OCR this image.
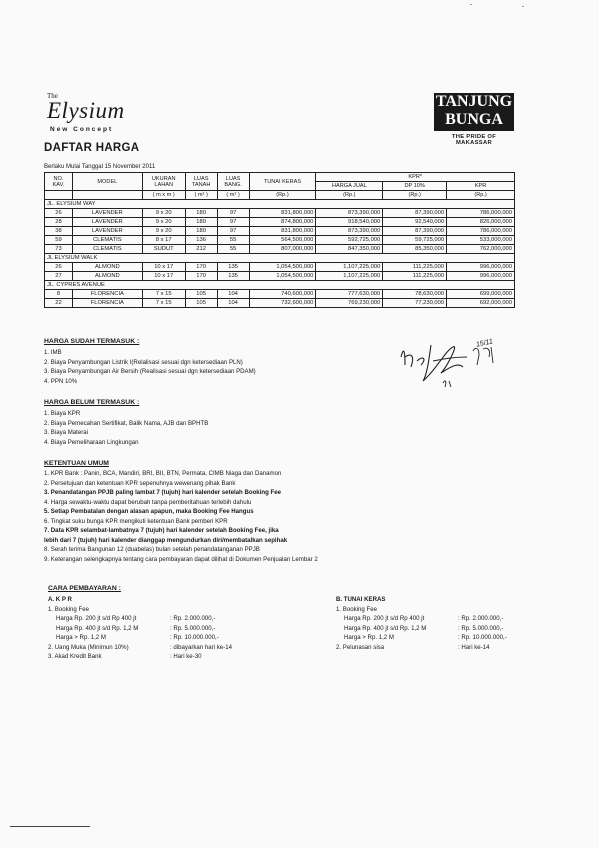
The
Elysium
New Concept
TANJUNG
BUNGA
THE PRIDE OF MAKASSAR
DAFTAR HARGA
Berlaku Mulai Tanggal 15 November 2011
NO. KAV.	MODEL	UKURAN LAHAN	LUAS TANAH	LUAS BANG.	TUNAI KERAS	KPR*		
						HARGA JUAL	DP 10%	KPR
		( m x m )	( m² )	( m² )	(Rp.)	(Rp.)	(Rp.)	(Rp.)
JL. ELYSIUM WAY								
26	LAVENDER	9 x 20	180	97	831,800,000	873,390,000	87,390,000	786,000,000
28	LAVENDER	9 x 20	180	97	874,800,000	918,540,000	92,540,000	826,000,000
38	LAVENDER	9 x 20	180	97	831,800,000	873,390,000	87,390,000	786,000,000
59	CLEMATIS	8 x 17	136	55	564,500,000	592,725,000	59,725,000	533,000,000
73	CLEMATIS	SUDUT	212	55	807,000,000	847,350,000	85,350,000	762,000,000
JL ELYSIUM WALK								
26	ALMOND	10 x 17	170	135	1,054,500,000	1,107,225,000	111,225,000	996,000,000
27	ALMOND	10 x 17	170	135	1,054,500,000	1,107,225,000	111,225,000	996,000,000
JL. CYPRES AVENUE								
8	FLORENCIA	7 x 15	105	104	740,600,000	777,630,000	78,630,000	699,000,000
22	FLORENCIA	7 x 15	105	104	732,600,000	769,230,000	77,230,000	692,000,000
15/11
HARGA SUDAH TERMASUK :
1. IMB
2. Biaya Penyambungan Listrik I(Relalisasi sesuai dgn ketersediaan PLN)
3. Biaya Penyambungan Air Bersih (Realisasi sesuai dgn ketersediaan PDAM)
4. PPN 10%
HARGA BELUM TERMASUK :
1. Biaya KPR
2. Biaya Pemecahan Sertifikat, Balik Nama, AJB dan BPHTB
3. Biaya Materai
4. Biaya Pemeliharaan Lingkungan
KETENTUAN UMUM
1. KPR Bank : Panin, BCA, Mandiri, BRI, BII, BTN, Permata, CIMB Niaga dan Danamon
2. Persetujuan dan ketentuan KPR sepenuhnya wewenang pihak Bank
3. Penandatangan PPJB paling lambat 7 (tujuh) hari kalender setelah Booking Fee
4. Harga sewaktu-waktu dapat berubah tanpa pemberitahuan terlebih dahulu
5. Setiap Pembatalan dengan alasan apapun, maka Booking Fee Hangus
6. Tingkat suku bunga KPR mengikuti ketentuan Bank pemberi KPR
7. Data KPR selambat-lambatnya 7 (tujuh) hari kalender setelah Booking Fee, jika
lebih dari 7 (tujuh) hari kalender dianggap mengundurkan diri/membatalkan sepihak
8. Serah terima Bangunan 12 (duabelas) bulan setelah penandatanganan PPJB
9. Keterangan selengkapnya tentang cara pembayaran dapat dilihat di Dokumen Penjualan Lembar 2
CARA PEMBAYARAN :
A. K P R
1. Booking Fee
Harga Rp. 200 jt s/d Rp 400 jt	: Rp. 2.000.000,-
Harga Rp. 400 jt s/d Rp. 1,2 M	: Rp. 5.000.000,-
Harga > Rp. 1,2 M	: Rp. 10.000.000,-
2. Uang Muka (Minimun 10%)	: dibayarkan hari ke-14
3. Akad Kredit Bank	: Hari ke-30
B. TUNAI KERAS
1. Booking Fee
Harga Rp. 200 jt s/d Rp 400 jt	: Rp. 2.000.000,-
Harga Rp. 400 jt s/d Rp. 1,2 M	: Rp. 5.000.000,-
Harga > Rp. 1,2 M	: Rp. 10.000.000,-
2. Pelunasan sisa	: Hari ke-14
